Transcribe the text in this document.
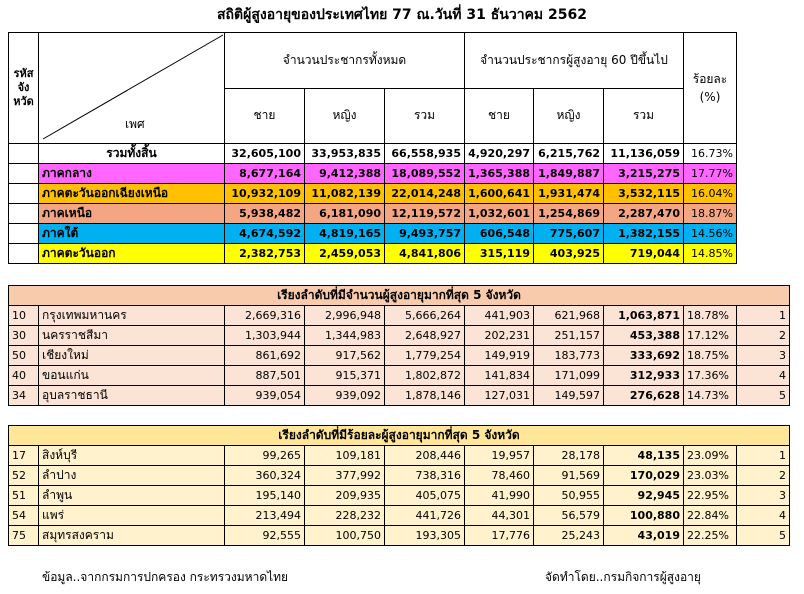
สถิติผู้สูงอายุของประเทศไทย 77 ณ.วันที่ 31 ธันวาคม 2562
รหัส จัง หวัด	เพศ	จำนวนประชากรทั้งหมด			จำนวนประชากรผู้สูงอายุ 60 ปีขึ้นไป			ร้อยละ (%)
		ชาย	หญิง	รวม	ชาย	หญิง	รวม	
	รวมทั้งสิ้น	32,605,100	33,953,835	66,558,935	4,920,297	6,215,762	11,136,059	16.73%
	ภาคกลาง	8,677,164	9,412,388	18,089,552	1,365,388	1,849,887	3,215,275	17.77%
	ภาคตะวันออกเฉียงเหนือ	10,932,109	11,082,139	22,014,248	1,600,641	1,931,474	3,532,115	16.04%
	ภาคเหนือ	5,938,482	6,181,090	12,119,572	1,032,601	1,254,869	2,287,470	18.87%
	ภาคใต้	4,674,592	4,819,165	9,493,757	606,548	775,607	1,382,155	14.56%
	ภาคตะวันออก	2,382,753	2,459,053	4,841,806	315,119	403,925	719,044	14.85%
เรียงลำดับที่มีจำนวนผู้สูงอายุมากที่สุด 5 จังหวัด									
10	กรุงเทพมหานคร	2,669,316	2,996,948	5,666,264	441,903	621,968	1,063,871	18.78%	1
30	นครราชสีมา	1,303,944	1,344,983	2,648,927	202,231	251,157	453,388	17.12%	2
50	เชียงใหม่	861,692	917,562	1,779,254	149,919	183,773	333,692	18.75%	3
40	ขอนแก่น	887,501	915,371	1,802,872	141,834	171,099	312,933	17.36%	4
34	อุบลราชธานี	939,054	939,092	1,878,146	127,031	149,597	276,628	14.73%	5
เรียงลำดับที่มีร้อยละผู้สูงอายุมากที่สุด 5 จังหวัด									
17	สิงห์บุรี	99,265	109,181	208,446	19,957	28,178	48,135	23.09%	1
52	ลำปาง	360,324	377,992	738,316	78,460	91,569	170,029	23.03%	2
51	ลำพูน	195,140	209,935	405,075	41,990	50,955	92,945	22.95%	3
54	แพร่	213,494	228,232	441,726	44,301	56,579	100,880	22.84%	4
75	สมุทรสงคราม	92,555	100,750	193,305	17,776	25,243	43,019	22.25%	5
ข้อมูล..จากกรมการปกครอง กระทรวงมหาดไทย	จัดทำโดย..กรมกิจการผู้สูงอายุ
